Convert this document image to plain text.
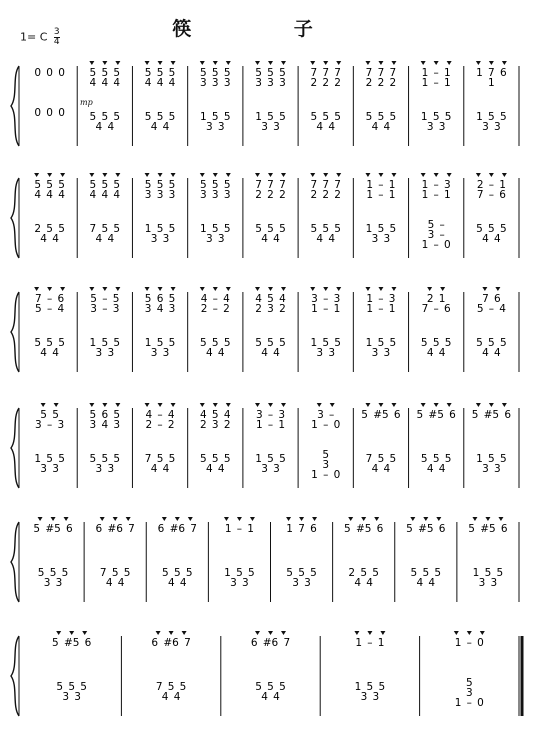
1= C $\frac{3}{4}$	筷 子
mp
0 0 0
0 0 0
5 5 5
4 4 4
5 5 5
4 4
5 5 5
4 4 4
5 5 5
4 4
5 5 5
3 3 3
1 5 5
3 3
5 5 5
3 3 3
1 5 5
3 3
7 7 7
2 2 2
5 5 5
4 4
7 7 7
2 2 2
5 5 5
4 4
1 – 1
1 – 1
1 5 5
3 3
1 7 6
1
1 5 5
3 3
5 5 5
4 4 4
2 5 5
4 4
5 5 5
4 4 4
7 5 5
4 4
5 5 5
3 3 3
1 5 5
3 3
5 5 5
3 3 3
1 5 5
3 3
7 7 7
2 2 2
5 5 5
4 4
7 7 7
2 2 2
5 5 5
4 4
1 – 1
1 – 1
1 5 5
3 3
1 – 3
1 – 1
5 –
3 –
1 – 0
2 – 1
7 – 6
5 5 5
4 4
7 – 6
5 – 4
5 5 5
4 4
5 – 5
3 – 3
1 5 5
3 3
5 6 5
3 4 3
1 5 5
3 3
4 – 4
2 – 2
5 5 5
4 4
4 5 4
2 3 2
5 5 5
4 4
3 – 3
1 – 1
1 5 5
3 3
1 – 3
1 – 1
1 5 5
3 3
2 1
7 – 6
5 5 5
4 4
7 6
5 – 4
5 5 5
4 4
5 5
3 – 3
1 5 5
3 3
5 6 5
3 4 3
5 5 5
3 3
4 – 4
2 – 2
7 5 5
4 4
4 5 4
2 3 2
5 5 5
4 4
3 – 3
1 – 1
1 5 5
3 3
3 –
1 – 0
5
3
1 – 0
5 #5 6
7 5 5
4 4
5 #5 6
5 5 5
4 4
5 #5 6
1 5 5
3 3
5 #5 6
5 5 5
3 3
6 #6 7
7 5 5
4 4
6 #6 7
5 5 5
4 4
1 – 1
1 5 5
3 3
1 7 6
5 5 5
3 3
5 #5 6
2 5 5
4 4
5 #5 6
5 5 5
4 4
5 #5 6
1 5 5
3 3
5 #5 6
5 5 5
3 3
6 #6 7
7 5 5
4 4
6 #6 7
5 5 5
4 4
1 – 1
1 5 5
3 3
1 – 0
5
3
1 – 0
